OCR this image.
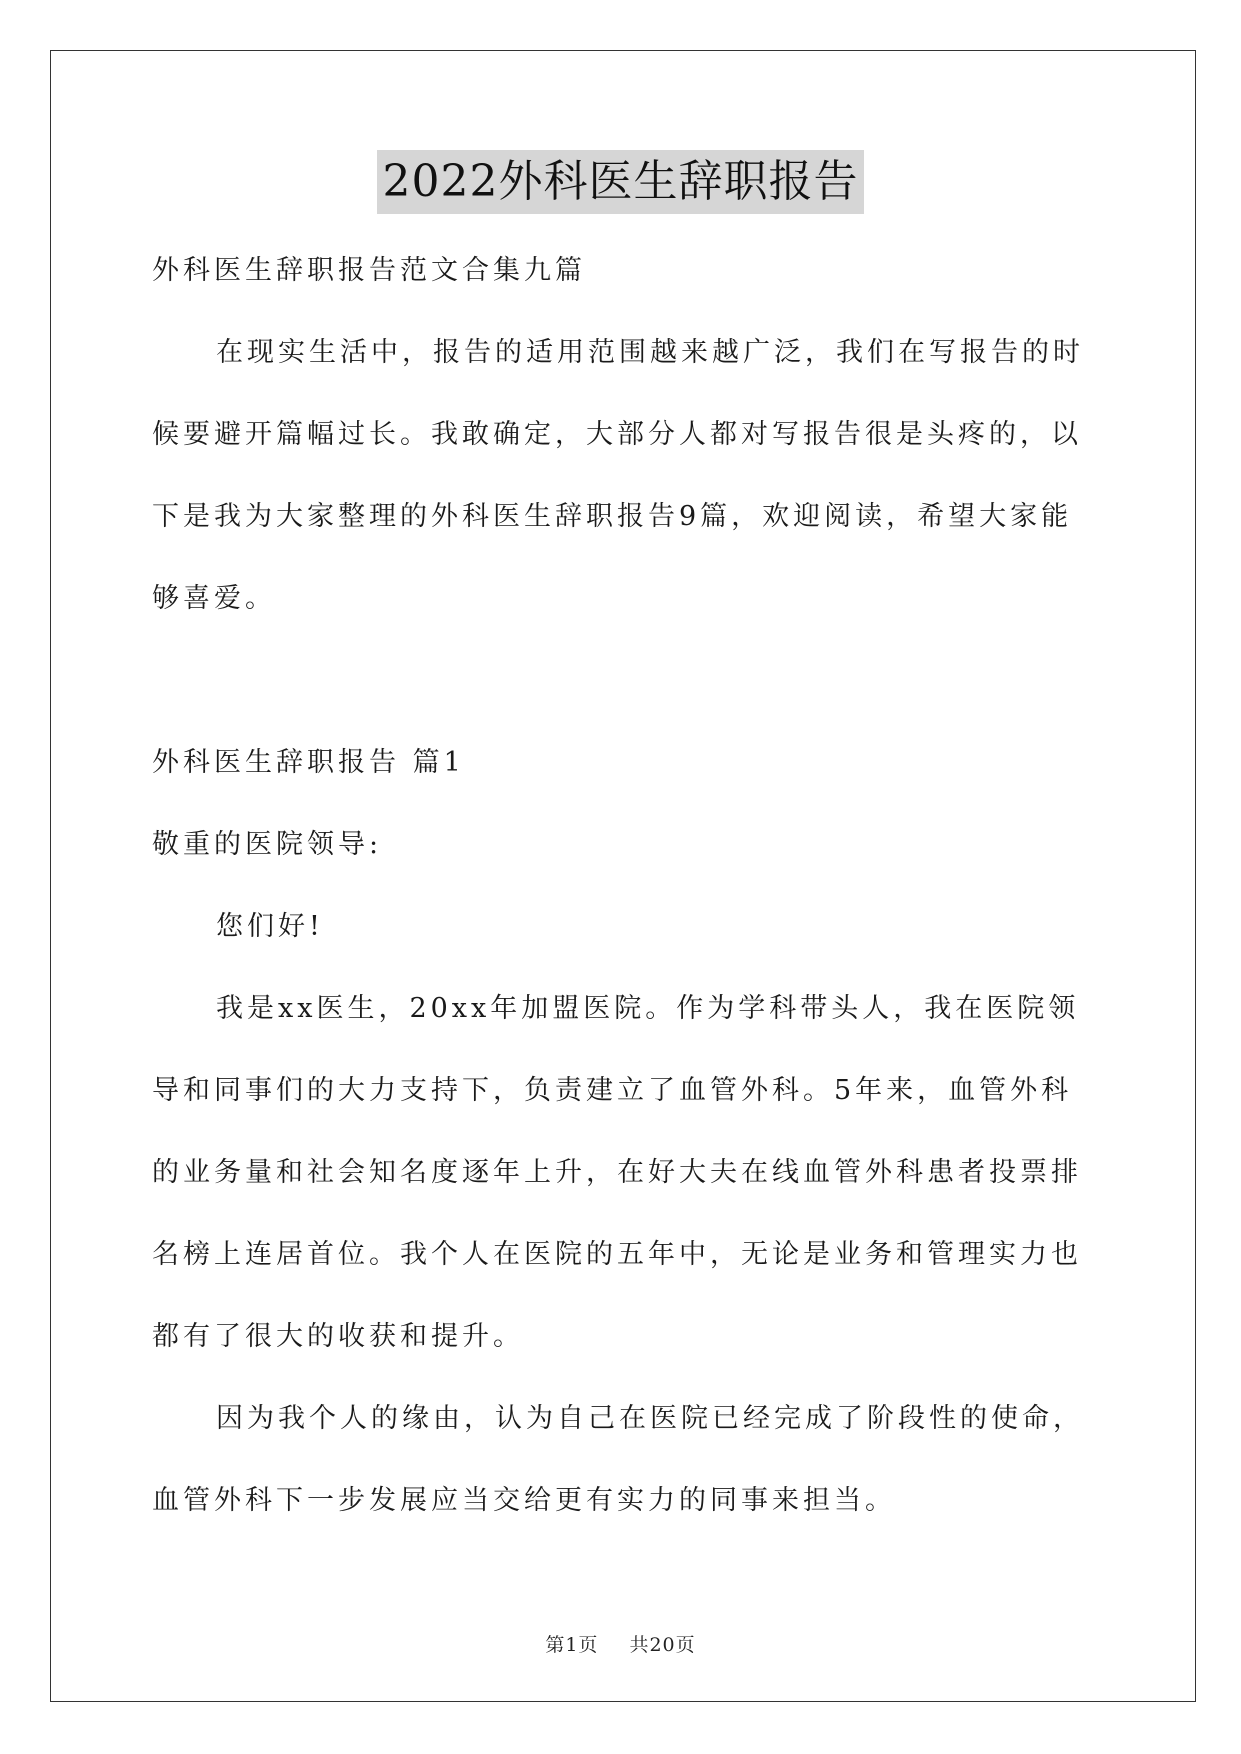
2022外科医生辞职报告
外科医生辞职报告范文合集九篇
在现实生活中，报告的适用范围越来越广泛，我们在写报告的时
候要避开篇幅过长。我敢确定，大部分人都对写报告很是头疼的，以
下是我为大家整理的外科医生辞职报告9篇，欢迎阅读，希望大家能
够喜爱。
外科医生辞职报告 篇1
敬重的医院领导:
您们好!
我是xx医生，20xx年加盟医院。作为学科带头人，我在医院领
导和同事们的大力支持下，负责建立了血管外科。5年来，血管外科
的业务量和社会知名度逐年上升，在好大夫在线血管外科患者投票排
名榜上连居首位。我个人在医院的五年中，无论是业务和管理实力也
都有了很大的收获和提升。
因为我个人的缘由，认为自己在医院已经完成了阶段性的使命，
血管外科下一步发展应当交给更有实力的同事来担当。
第1页 共20页
